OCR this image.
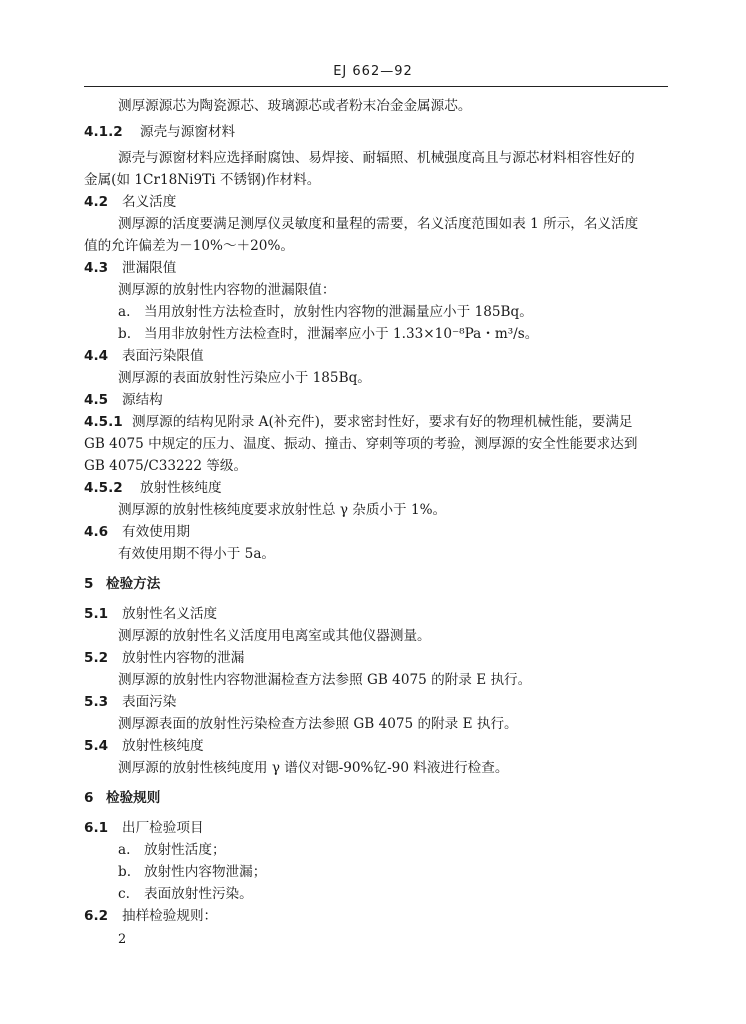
EJ 662—92
测厚源源芯为陶瓷源芯、玻璃源芯或者粉末冶金金属源芯。
4.1.2 源壳与源窗材料
源壳与源窗材料应选择耐腐蚀、易焊接、耐辐照、机械强度高且与源芯材料相容性好的
金属(如 1Cr18Ni9Ti 不锈钢)作材料。
4.2 名义活度
测厚源的活度要满足测厚仪灵敏度和量程的需要，名义活度范围如表 1 所示，名义活度
值的允许偏差为－10%～＋20%。
4.3 泄漏限值
测厚源的放射性内容物的泄漏限值：
a. 当用放射性方法检查时，放射性内容物的泄漏量应小于 185Bq。
b. 当用非放射性方法检查时，泄漏率应小于 1.33×10⁻⁸Pa・m³/s。
4.4 表面污染限值
测厚源的表面放射性污染应小于 185Bq。
4.5 源结构
4.5.1 测厚源的结构见附录 A(补充件)，要求密封性好，要求有好的物理机械性能，要满足
GB 4075 中规定的压力、温度、振动、撞击、穿刺等项的考验，测厚源的安全性能要求达到
GB 4075/C33222 等级。
4.5.2 放射性核纯度
测厚源的放射性核纯度要求放射性总 γ 杂质小于 1%。
4.6 有效使用期
有效使用期不得小于 5a。
5 检验方法
5.1 放射性名义活度
测厚源的放射性名义活度用电离室或其他仪器测量。
5.2 放射性内容物的泄漏
测厚源的放射性内容物泄漏检查方法参照 GB 4075 的附录 E 执行。
5.3 表面污染
测厚源表面的放射性污染检查方法参照 GB 4075 的附录 E 执行。
5.4 放射性核纯度
测厚源的放射性核纯度用 γ 谱仪对锶-90%钇-90 料液进行检查。
6 检验规则
6.1 出厂检验项目
a. 放射性活度；
b. 放射性内容物泄漏；
c. 表面放射性污染。
6.2 抽样检验规则：
2
